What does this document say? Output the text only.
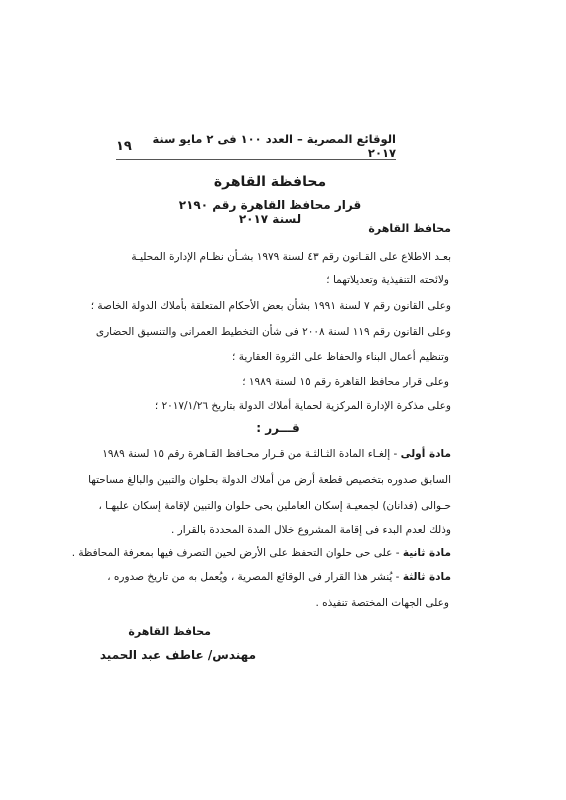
الوقائع المصرية – العدد ١٠٠ فى ٢ مايو سنة ٢٠١٧
١٩
محافظة القاهرة
قرار محافظ القاهرة رقم ٢١٩٠ لسنة ٢٠١٧
محافظ القاهرة
بعـد الاطلاع على القـانون رقم ٤٣ لسنة ١٩٧٩ بشـأن نظـام الإدارة المحليـة
ولائحته التنفيذية وتعديلاتهما ؛
وعلى القانون رقم ٧ لسنة ١٩٩١ بشأن بعض الأحكام المتعلقة بأملاك الدولة الخاصة ؛
وعلى القانون رقم ١١٩ لسنة ٢٠٠٨ فى شأن التخطيط العمرانى والتنسيق الحضارى
وتنظيم أعمال البناء والحفاظ على الثروة العقارية ؛
وعلى قرار محافظ القاهرة رقم ١٥ لسنة ١٩٨٩ ؛
وعلى مذكرة الإدارة المركزية لحماية أملاك الدولة بتاريخ ٢٠١٧/١/٢٦ ؛
قـــرر :
مادة أولى - إلغـاء المادة الثـالثـة من قـرار محـافظ القـاهرة رقم ١٥ لسنة ١٩٨٩
السابق صدوره بتخصيص قطعة أرض من أملاك الدولة بحلوان والتبين والبالغ مساحتها
حـوالى (فدانان) لجمعيـة إسكان العاملين بحى حلوان والتبين لإقامة إسكان عليهـا ،
وذلك لعدم البدء فى إقامة المشروع خلال المدة المحددة بالقرار .
مادة ثانية - على حى حلوان التحفظ على الأرض لحين التصرف فيها بمعرفة المحافظة .
مادة ثالثة - يُنشر هذا القرار فى الوقائع المصرية ، ويُعمل به من تاريخ صدوره ،
وعلى الجهات المختصة تنفيذه .
محافظ القاهرة
مهندس/ عاطف عبد الحميد
